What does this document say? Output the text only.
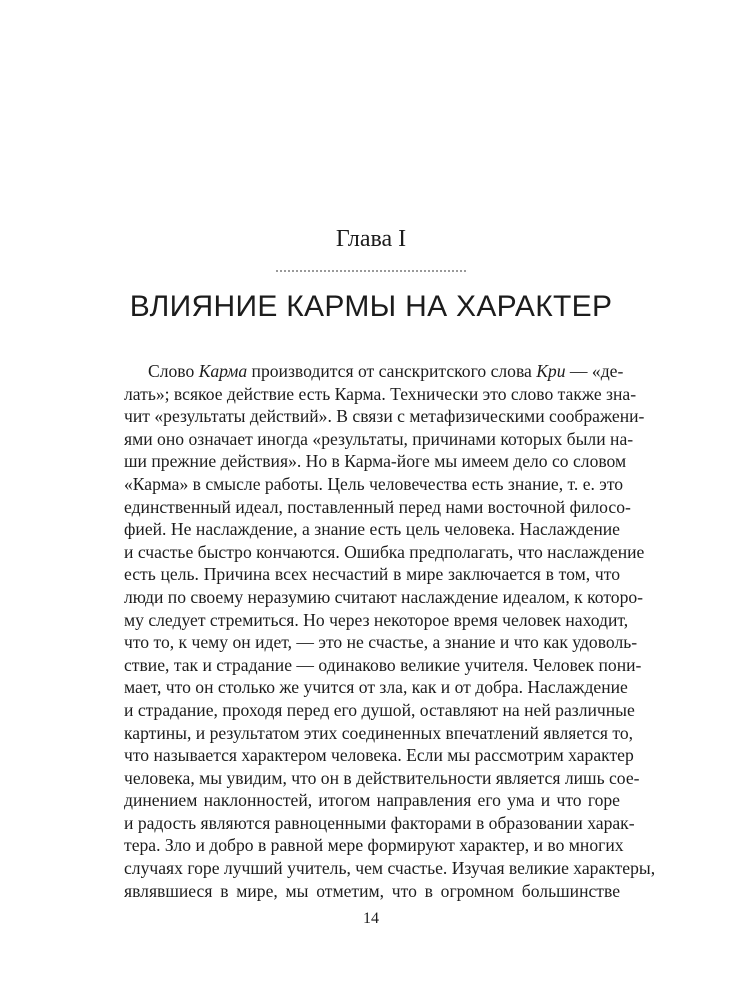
Глава I
ВЛИЯНИЕ КАРМЫ НА ХАРАКТЕР
Слово Карма производится от санскритского слова Кри — «де-
лать»; всякое действие есть Карма. Технически это слово также зна-
чит «результаты действий». В связи с метафизическими соображени-
ями оно означает иногда «результаты, причинами которых были на-
ши прежние действия». Но в Карма-йоге мы имеем дело со словом
«Карма» в смысле работы. Цель человечества есть знание, т. е. это
единственный идеал, поставленный перед нами восточной филосо-
фией. Не наслаждение, а знание есть цель человека. Наслаждение
и счастье быстро кончаются. Ошибка предполагать, что наслаждение
есть цель. Причина всех несчастий в мире заключается в том, что
люди по своему неразумию считают наслаждение идеалом, к которо-
му следует стремиться. Но через некоторое время человек находит,
что то, к чему он идет, — это не счастье, а знание и что как удоволь-
ствие, так и страдание — одинаково великие учителя. Человек пони-
мает, что он столько же учится от зла, как и от добра. Наслаждение
и страдание, проходя перед его душой, оставляют на ней различные
картины, и результатом этих соединенных впечатлений является то,
что называется характером человека. Если мы рассмотрим характер
человека, мы увидим, что он в действительности является лишь сое-
динением наклонностей, итогом направления его ума и что горе
и радость являются равноценными факторами в образовании харак-
тера. Зло и добро в равной мере формируют характер, и во многих
случаях горе лучший учитель, чем счастье. Изучая великие характеры,
являвшиеся в мире, мы отметим, что в огромном большинстве
14
